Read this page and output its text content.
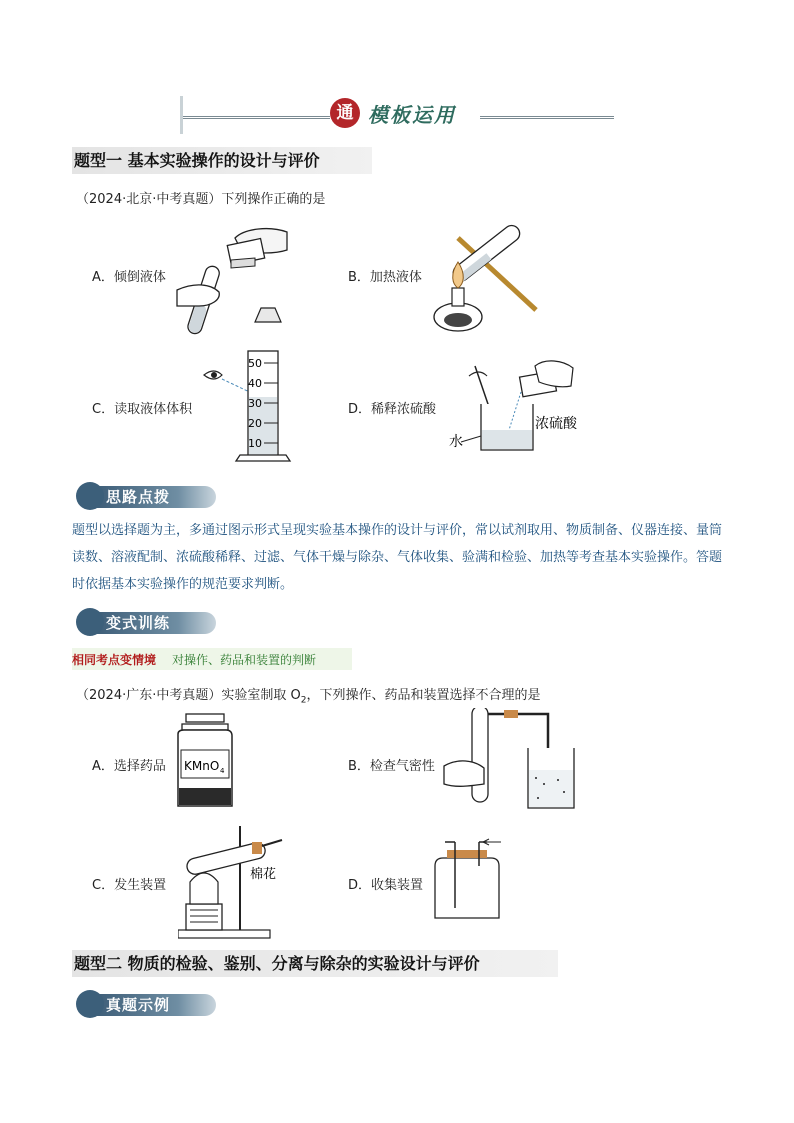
通 模板运用
题型一 基本实验操作的设计与评价
（2024·北京·中考真题）下列操作正确的是
A．倾倒液体	B．加热液体
C．读取液体体积	D．稀释浓硫酸
50
40
30
20
10	水
浓硫酸
思路点拨
题型以选择题为主，多通过图示形式呈现实验基本操作的设计与评价，常以试剂取用、物质制备、仪器连接、量筒读数、溶液配制、浓硫酸稀释、过滤、气体干燥与除杂、气体收集、验满和检验、加热等考查基本实验操作。答题时依据基本实验操作的规范要求判断。
变式训练
相同考点变情境 对操作、药品和装置的判断
（2024·广东·中考真题）实验室制取 $O_2$，下列操作、药品和装置选择不合理的是
A．选择药品	B．检查气密性
C．发生装置	D．收集装置
KMnO 4
棉花
题型二 物质的检验、鉴别、分离与除杂的实验设计与评价
真题示例
